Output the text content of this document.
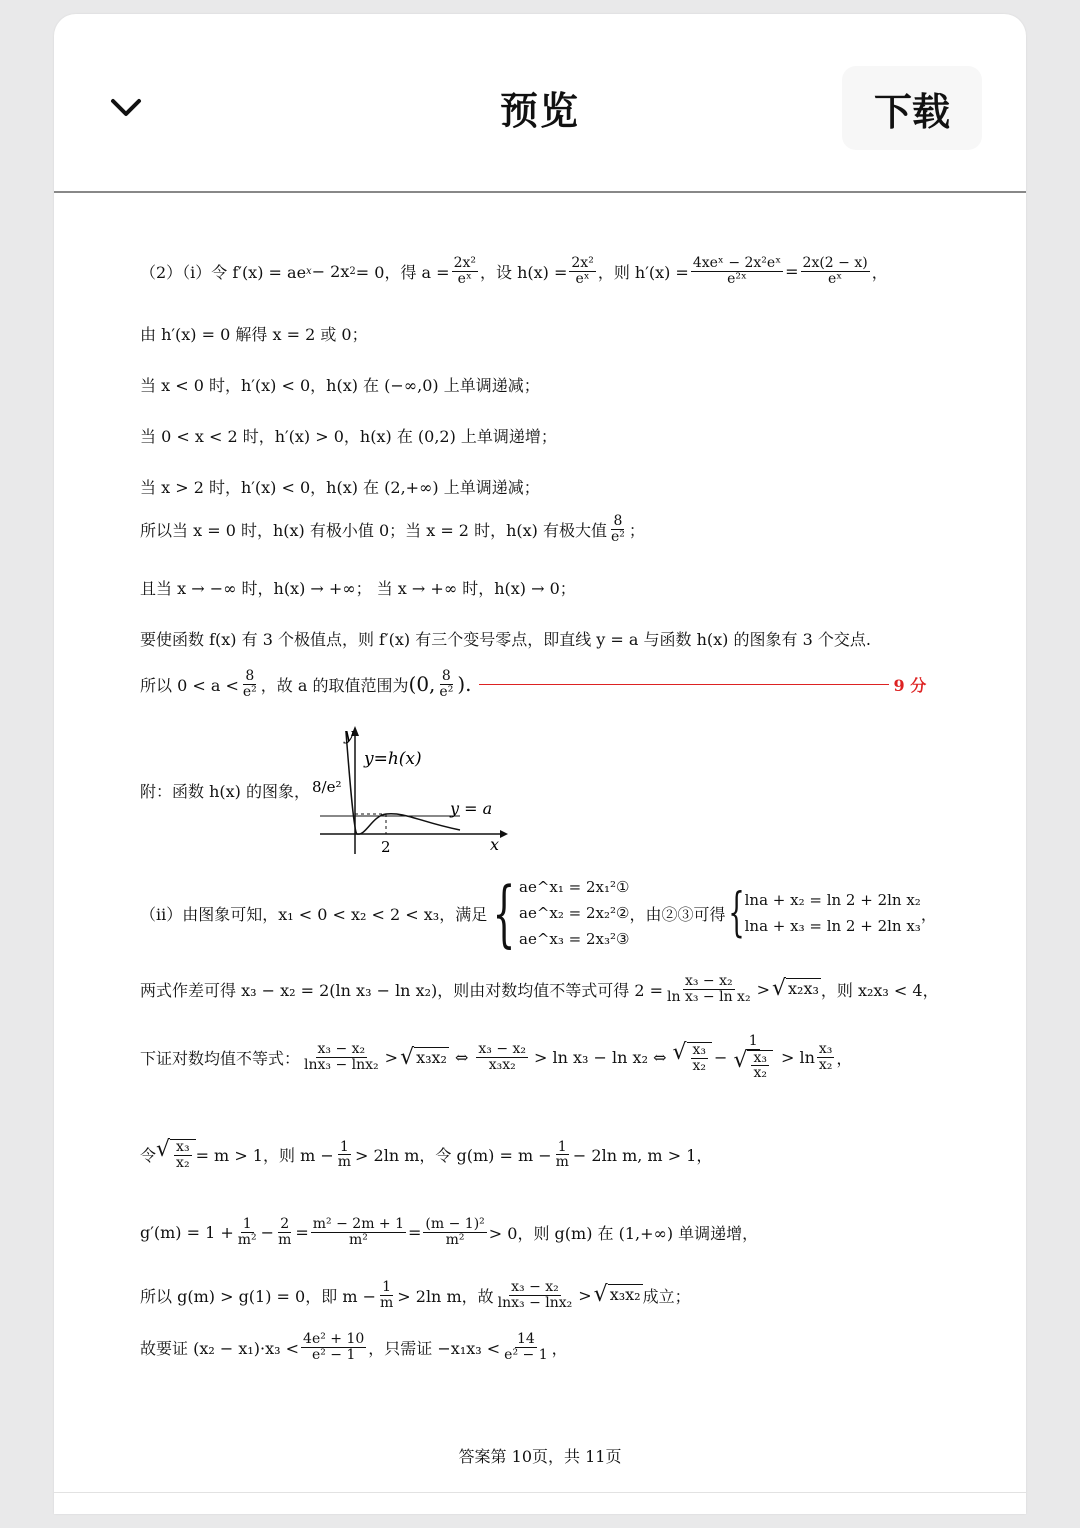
预览	下载
（2）（i）令 f′(x) = ae x − 2x 2 = 0，得 $a = \frac{\text{2x²}}{\text{eˣ}}$ ，设 $h(x) = \frac{\text{2x²}}{\text{eˣ}}$ ，则 $h'(x) = \frac{\text{4xeˣ − 2x²eˣ}}{\text{e²ˣ}} = \frac{2x(2 - x)}{\text{eˣ}}$ ，
由 h′(x) = 0 解得 x = 2 或 0；
当 x < 0 时，h′(x) < 0，h(x) 在 (−∞,0) 上单调递减；
当 0 < x < 2 时，h′(x) > 0，h(x) 在 (0,2) 上单调递增；
当 x > 2 时，h′(x) < 0，h(x) 在 (2,+∞) 上单调递减；
所以当 x = 0 时，h(x) 有极小值 0；当 x = 2 时，h(x) 有极大值 $\frac{8}{\text{e²}}$ ；
且当 x → −∞ 时，h(x) → +∞； 当 x → +∞ 时，h(x) → 0；
要使函数 f(x) 有 3 个极值点，则 f′(x) 有三个变号零点，即直线 y = a 与函数 h(x) 的图象有 3 个交点.
所以 $0 < a < \frac{8}{\text{e²}}$ ，故 a 的取值范围为 (0, $\frac{8}{\text{e²}}$ ).	9 分
附：函数 h(x) 的图象，
y
y=h(x)
8/e²
y = a
2	x
（ii）由图象可知，x₁ < 0 < x₂ < 2 < x₃，满足 { ae^x₁ = 2x₁²①
ae^x₂ = 2x₂²②
ae^x₃ = 2x₃²③
，由②③可得 { lna + x₂ = ln 2 + 2ln x₂
lna + x₃ = ln 2 + 2ln x₃
，
两式作差可得 x₃ − x₂ = 2(ln x₃ − ln x₂)，则由对数均值不等式可得 $2 = \frac{\text{x₃ − x₂}}{\text{ln x₃ − ln x₂}}$ > √ x₂x₃ ，则 x₂x₃ < 4，
下证对数均值不等式： $\frac{\text{x₃ − x₂}}{\text{lnx₃ − lnx₂}}$ > √ x₃x₂ ⇔ $\frac{\text{x₃ − x₂}}{\text{x₃x₂}} > \ln x_3 - \ln x_2$ ⇔ √ $\frac{\text{x₃}}{\text{x₂}} - \frac{1}{√ \frac{\text{x₃}}{\text{x₂}}} > \ln \frac{\text{x₃}}{\text{x₂}}$ ，
令 √ $\frac{\text{x₃}}{\text{x₂}} = m > 1$，则 $m - \frac{1}{m} > 2\ln$ m，令 $g(m) = m - \frac{1}{m} - 2\ln$ m, m > 1，
$g'(m) = 1 + \frac{1}{\text{m²}} - \frac{2}{m} = \frac{\text{m² − 2m + 1}}{\text{m²}} = \frac{\text{(m − 1)²}}{\text{m²}} > 0$，则 g(m) 在 (1,+∞) 单调递增，
所以 g(m) > g(1) = 0，即 $m - \frac{1}{m} > 2\ln$ m，故 $\frac{\text{x₃ − x₂}}{\text{lnx₃ − lnx₂}}$ > √ x₃x₂ 成立；
故要证 $(x_2 - x_1)\cdot x_3 < \frac{\text{4e² + 10}}{\text{e² − 1}}$ ，只需证 $-x_1x_3 < \frac{14}{\text{e² − 1}}$ ，
答案第 10页，共 11页
